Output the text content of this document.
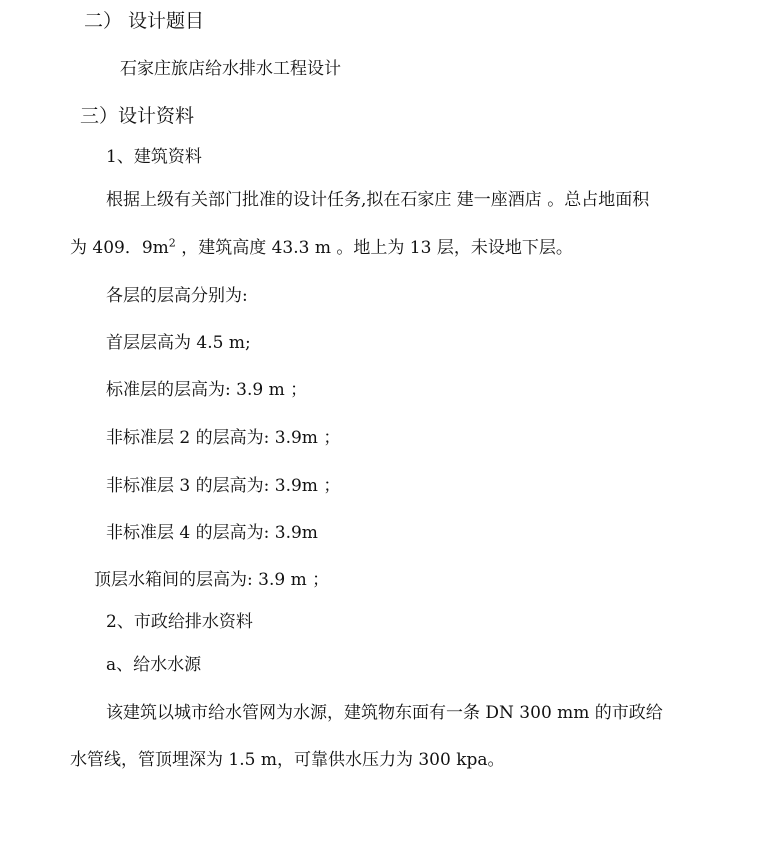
二） 设计题目
石家庄旅店给水排水工程设计
三）设计资料
1、建筑资料
根据上级有关部门批准的设计任务,拟在石家庄 建一座酒店 。总占地面积
为 409．$9m^2$ ，建筑高度 43.3 m 。地上为 13 层，未设地下层。
各层的层高分别为:
首层层高为 4.5 m;
标准层的层高为: 3.9 m ；
非标准层 2 的层高为: 3.9m ；
非标准层 3 的层高为: 3.9m ；
非标准层 4 的层高为: 3.9m
顶层水箱间的层高为: 3.9 m ；
2、市政给排水资料
a、给水水源
该建筑以城市给水管网为水源，建筑物东面有一条 DN 300 mm 的市政给
水管线，管顶埋深为 1.5 m，可靠供水压力为 300 kpa。
